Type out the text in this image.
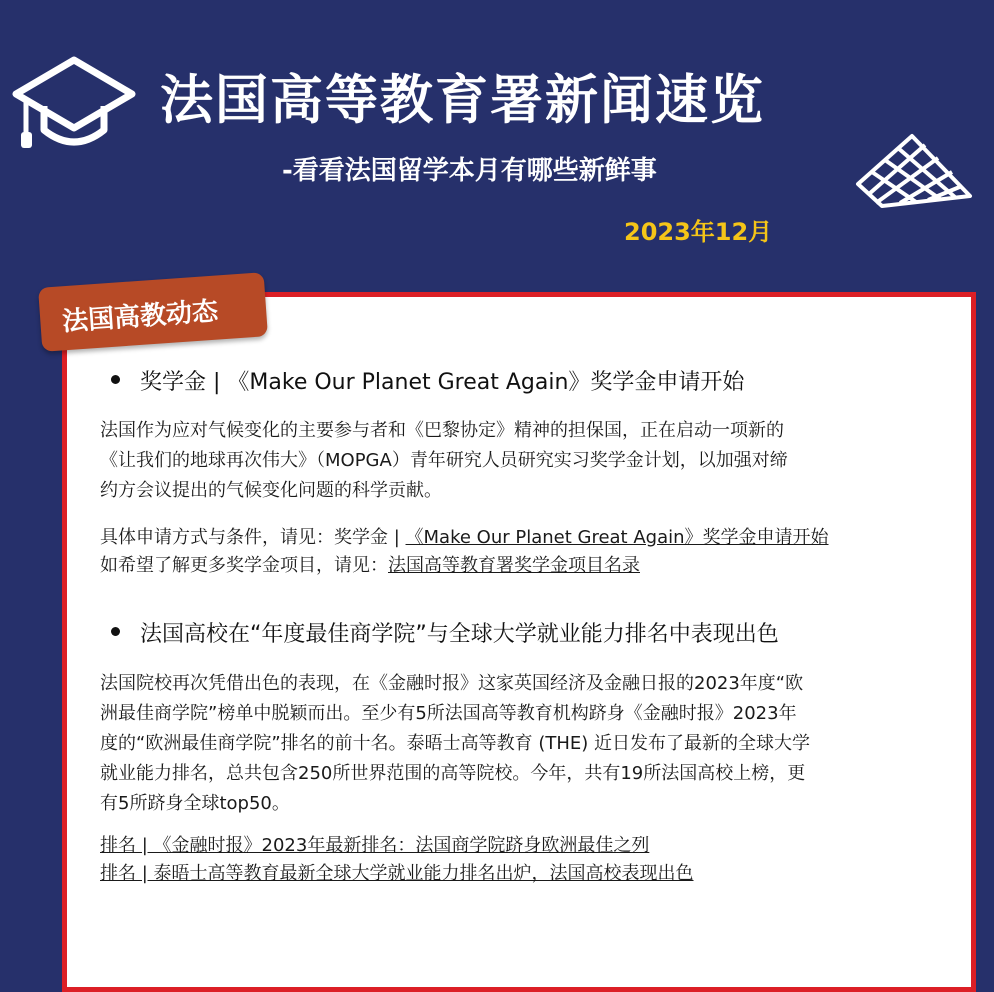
法国高等教育署新闻速览
-看看法国留学本月有哪些新鲜事
2023年12月
法国高教动态
奖学金 | 《Make Our Planet Great Again》奖学金申请开始
法国作为应对气候变化的主要参与者和《巴黎协定》精神的担保国，正在启动一项新的
《让我们的地球再次伟大》（MOPGA）青年研究人员研究实习奖学金计划，以加强对缔
约方会议提出的气候变化问题的科学贡献。
具体申请方式与条件，请见：奖学金 | 《Make Our Planet Great Again》奖学金申请开始
如希望了解更多奖学金项目，请见：法国高等教育署奖学金项目名录
法国高校在“年度最佳商学院”与全球大学就业能力排名中表现出色
法国院校再次凭借出色的表现，在《金融时报》这家英国经济及金融日报的2023年度“欧
洲最佳商学院”榜单中脱颖而出。至少有5所法国高等教育机构跻身《金融时报》2023年
度的“欧洲最佳商学院”排名的前十名。泰晤士高等教育 (THE) 近日发布了最新的全球大学
就业能力排名，总共包含250所世界范围的高等院校。今年，共有19所法国高校上榜，更
有5所跻身全球top50。
排名 | 《金融时报》2023年最新排名：法国商学院跻身欧洲最佳之列
排名 | 泰晤士高等教育最新全球大学就业能力排名出炉，法国高校表现出色
